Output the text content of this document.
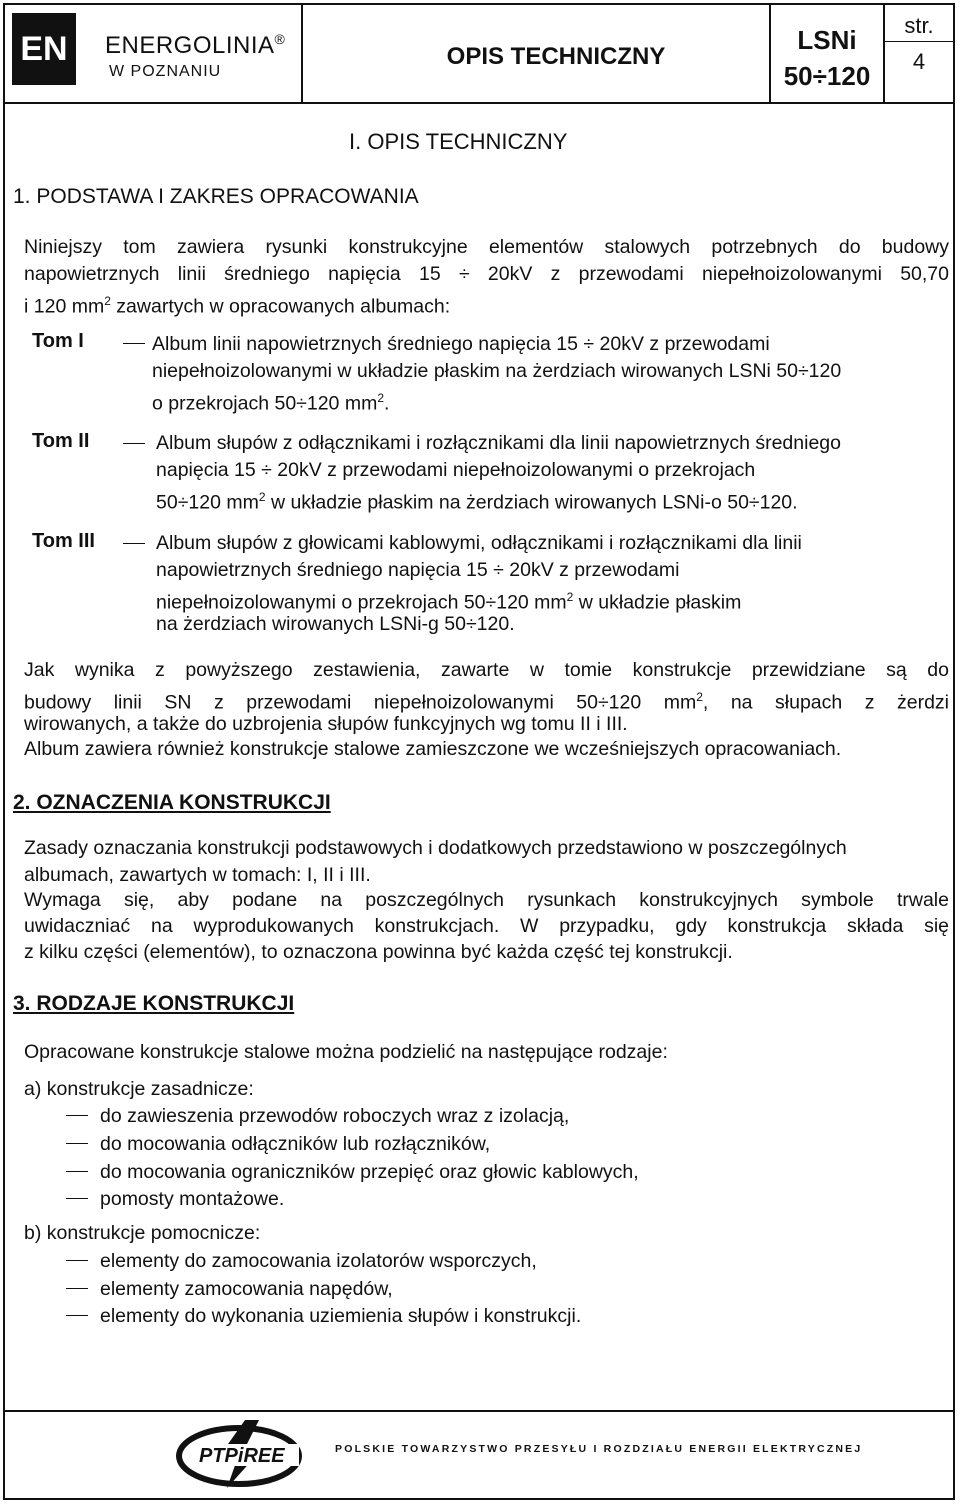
EN	ENERGOLINIA®
W POZNANIU
OPIS TECHNICZNY
LSNi
50÷120
str.
4
I. OPIS TECHNICZNY
1. PODSTAWA I ZAKRES OPRACOWANIA
Niniejszy tom zawiera rysunki konstrukcyjne elementów stalowych potrzebnych do budowy
napowietrznych linii średniego napięcia 15 ÷ 20kV z przewodami niepełnoizolowanymi 50,70
i 120 $mm^2$ zawartych w opracowanych albumach:
Tom I	Album linii napowietrznych średniego napięcia 15 ÷ 20kV z przewodami
niepełnoizolowanymi w układzie płaskim na żerdziach wirowanych LSNi 50÷120
o przekrojach 50÷120 $mm^2$.
Tom II	Album słupów z odłącznikami i rozłącznikami dla linii napowietrznych średniego
napięcia 15 ÷ 20kV z przewodami niepełnoizolowanymi o przekrojach
50÷120 $mm^2$ w układzie płaskim na żerdziach wirowanych LSNi-o 50÷120.
Tom III	Album słupów z głowicami kablowymi, odłącznikami i rozłącznikami dla linii
napowietrznych średniego napięcia 15 ÷ 20kV z przewodami
niepełnoizolowanymi o przekrojach 50÷120 $mm^2$ w układzie płaskim
na żerdziach wirowanych LSNi-g 50÷120.
Jak wynika z powyższego zestawienia, zawarte w tomie konstrukcje przewidziane są do
budowy linii SN z przewodami niepełnoizolowanymi 50÷120 $mm^2$, na słupach z żerdzi
wirowanych, a także do uzbrojenia słupów funkcyjnych wg tomu II i III.
Album zawiera również konstrukcje stalowe zamieszczone we wcześniejszych opracowaniach.
2. OZNACZENIA KONSTRUKCJI
Zasady oznaczania konstrukcji podstawowych i dodatkowych przedstawiono w poszczególnych
albumach, zawartych w tomach: I, II i III.
Wymaga się, aby podane na poszczególnych rysunkach konstrukcyjnych symbole trwale
uwidaczniać na wyprodukowanych konstrukcjach. W przypadku, gdy konstrukcja składa się
z kilku części (elementów), to oznaczona powinna być każda część tej konstrukcji.
3. RODZAJE KONSTRUKCJI
Opracowane konstrukcje stalowe można podzielić na następujące rodzaje:
a) konstrukcje zasadnicze:
do zawieszenia przewodów roboczych wraz z izolacją,
do mocowania odłączników lub rozłączników,
do mocowania ograniczników przepięć oraz głowic kablowych,
pomosty montażowe.
b) konstrukcje pomocnicze:
elementy do zamocowania izolatorów wsporczych,
elementy zamocowania napędów,
elementy do wykonania uziemienia słupów i konstrukcji.
PTPiREE	POLSKIE TOWARZYSTWO PRZESYŁU I ROZDZIAŁU ENERGII ELEKTRYCZNEJ
